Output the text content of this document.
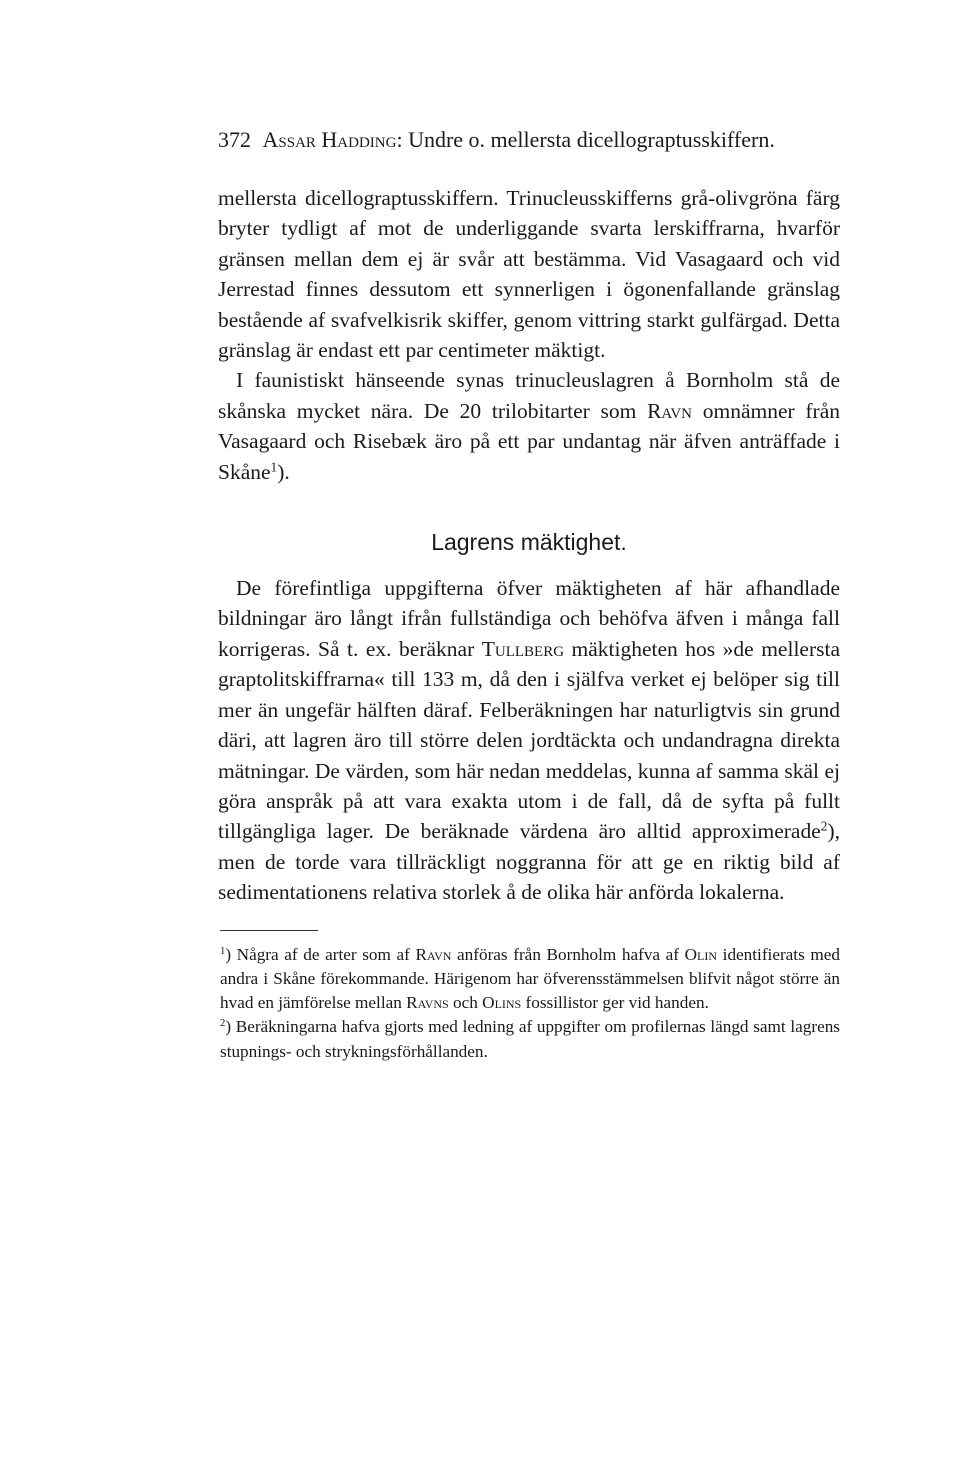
372 Assar Hadding: Undre o. mellersta dicellograptusskiffern.

mellersta dicellograptusskiffern. Trinucleusskifferns grå-olivgröna färg bryter tydligt af mot de underliggande svarta lerskiffrarna, hvarför gränsen mellan dem ej är svår att bestämma. Vid Vasagaard och vid Jerrestad finnes dessutom ett synnerligen i ögonenfallande gränslag bestående af svafvelkisrik skiffer, genom vittring starkt gulfärgad. Detta gränslag är endast ett par centimeter mäktigt.

I faunistiskt hänseende synas trinucleuslagren å Bornholm stå de skånska mycket nära. De 20 trilobitarter som Ravn omnämner från Vasagaard och Risebæk äro på ett par undantag när äfven anträffade i Skåne$^1$).

Lagrens mäktighet.

De förefintliga uppgifterna öfver mäktigheten af här afhandlade bildningar äro långt ifrån fullständiga och behöfva äfven i många fall korrigeras. Så t. ex. beräknar Tullberg mäktigheten hos »de mellersta graptolitskiffrarna« till 133 m, då den i själfva verket ej belöper sig till mer än ungefär hälften däraf. Felberäkningen har naturligtvis sin grund däri, att lagren äro till större delen jordtäckta och undandragna direkta mätningar. De värden, som här nedan meddelas, kunna af samma skäl ej göra anspråk på att vara exakta utom i de fall, då de syfta på fullt tillgängliga lager. De beräknade värdena äro alltid approximerade$^2$), men de torde vara tillräckligt noggranna för att ge en riktig bild af sedimentationens relativa storlek å de olika här anförda lokalerna.

$^1$) Några af de arter som af Ravn anföras från Bornholm hafva af Olin identifierats med andra i Skåne förekommande. Härigenom har öfverensstämmelsen blifvit något större än hvad en jämförelse mellan Ravns och Olins fossillistor ger vid handen.

$^2$) Beräkningarna hafva gjorts med ledning af uppgifter om profilernas längd samt lagrens stupnings- och strykningsförhållanden.
